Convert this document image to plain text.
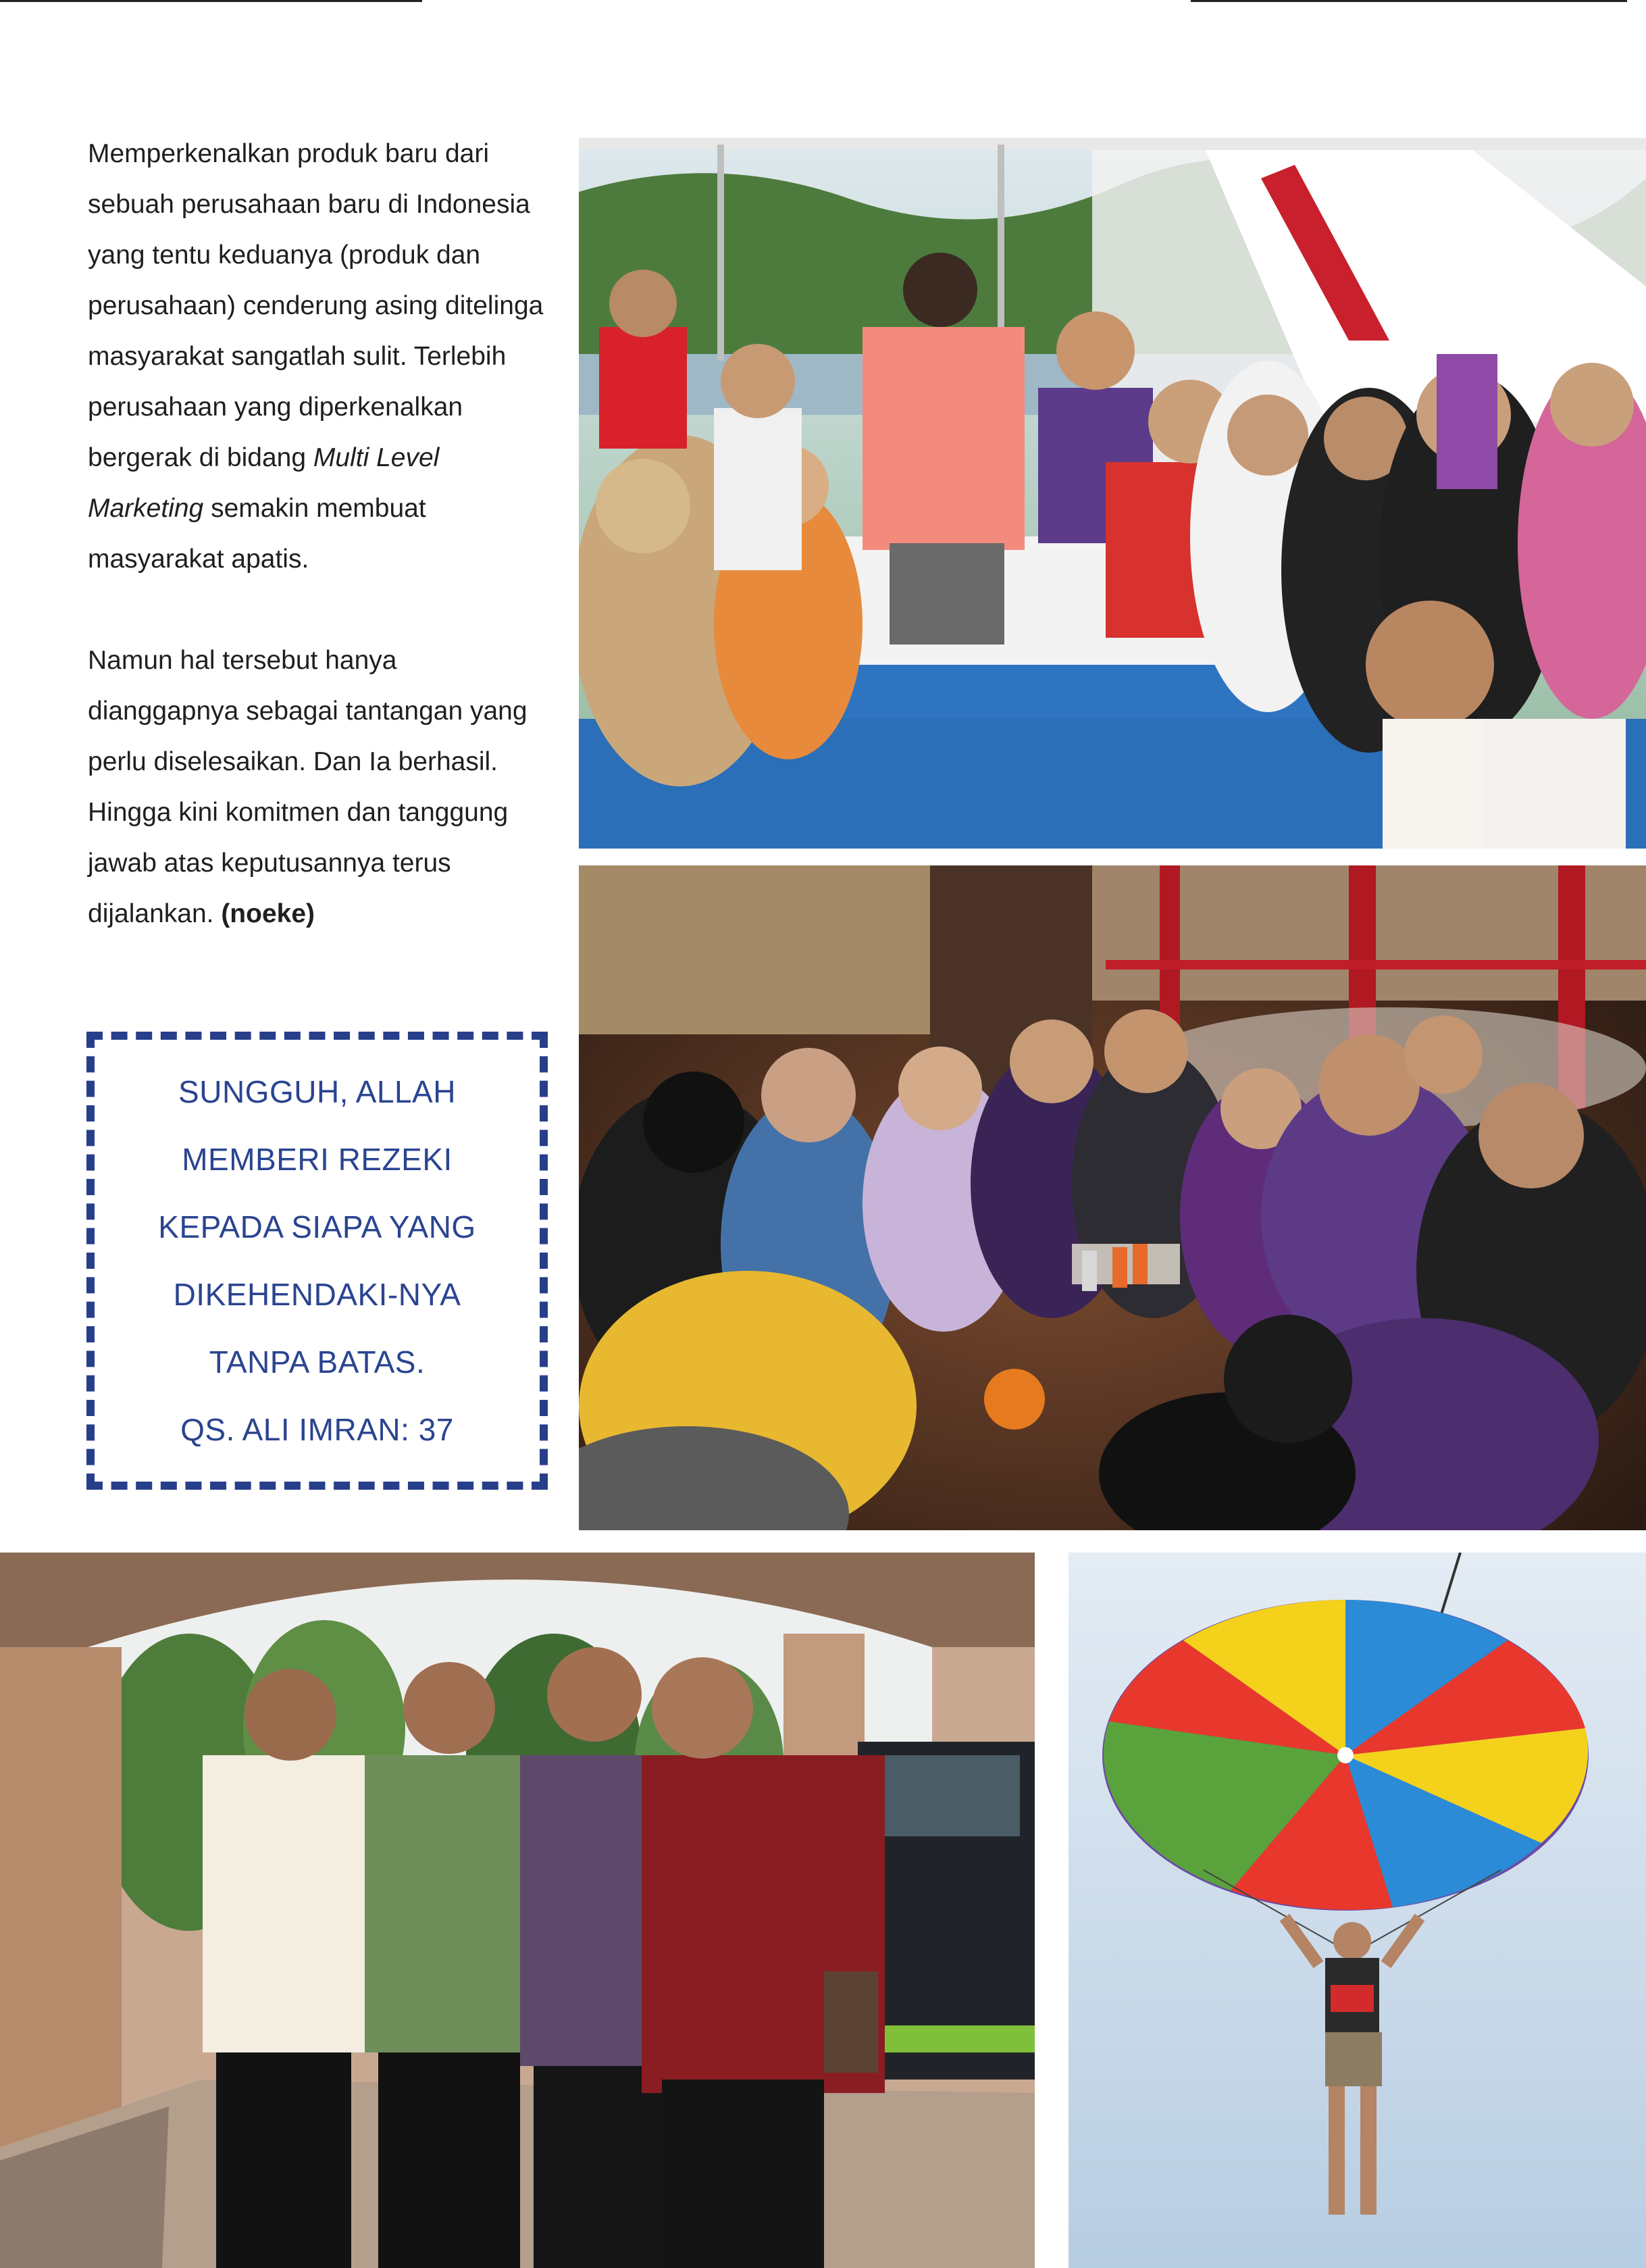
Memperkenalkan produk baru dari sebuah perusahaan baru di Indonesia yang tentu keduanya (produk dan perusahaan) cenderung asing ditelinga masyarakat sangatlah sulit. Terlebih perusahaan yang diperkenalkan bergerak di bidang Multi Level Marketing semakin membuat masyarakat apatis.

Namun hal tersebut hanya dianggapnya sebagai tantangan yang perlu diselesaikan. Dan Ia berhasil. Hingga kini komitmen dan tanggung jawab atas keputusannya terus dijalankan. (noeke)

SUNGGUH, ALLAH
MEMBERI REZEKI
KEPADA SIAPA YANG
DIKEHENDAKI-NYA
TANPA BATAS.
QS. ALI IMRAN: 37
